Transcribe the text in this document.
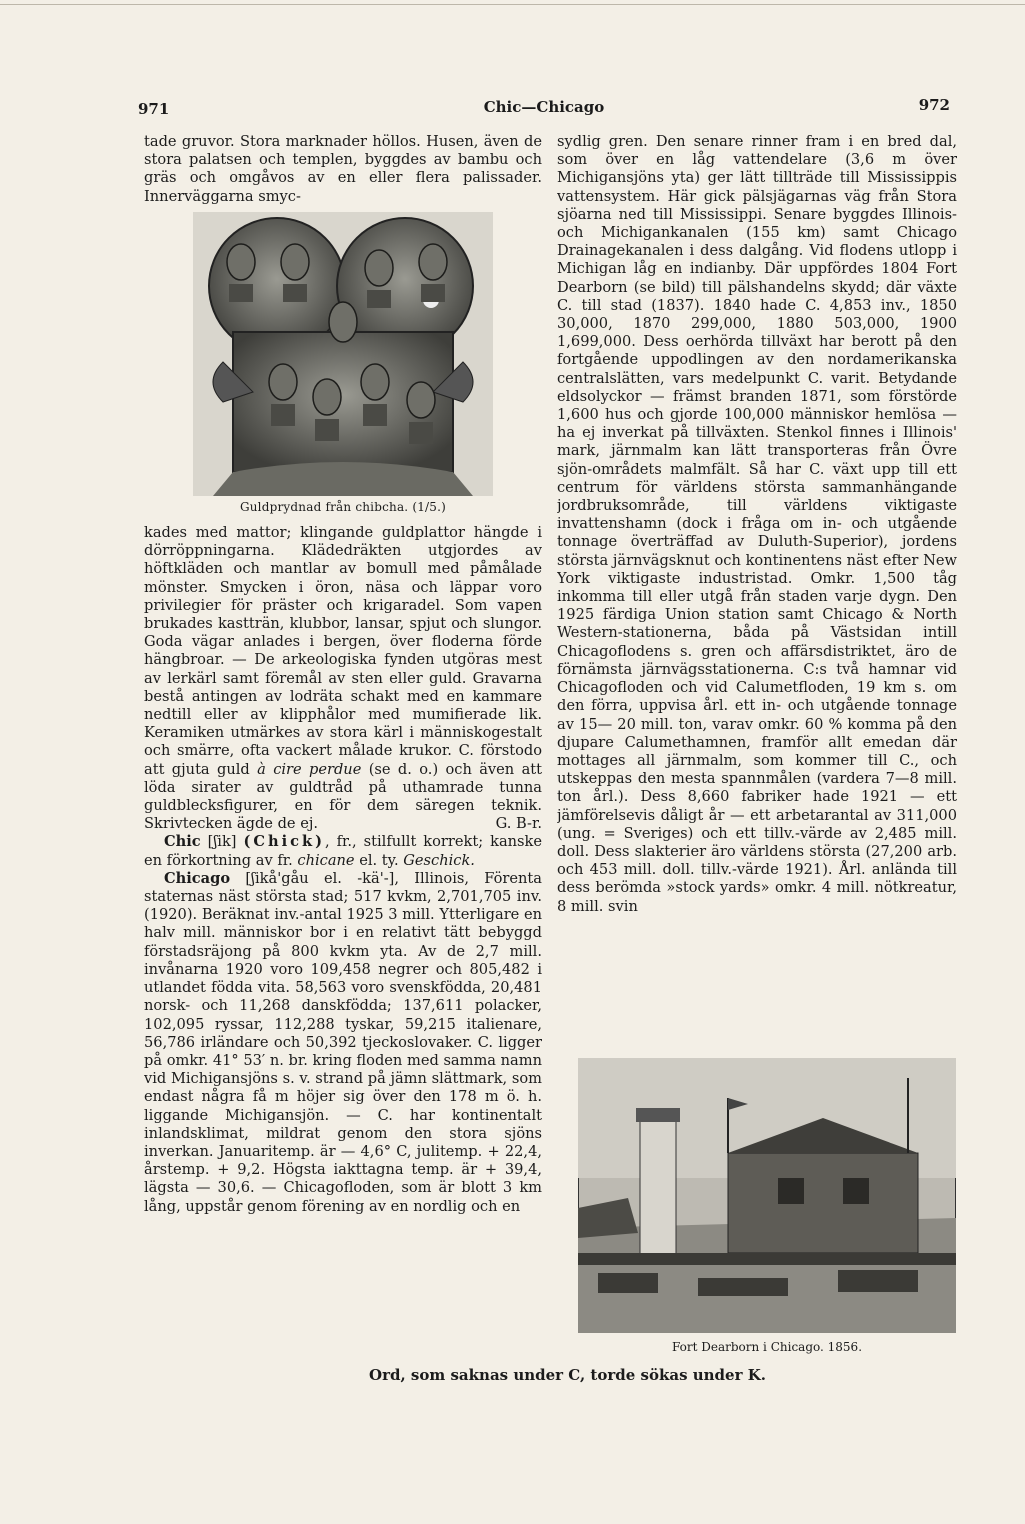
971	Chic—Chicago	972

tade gruvor. Stora marknader höllos. Husen, även de stora palatsen och templen, byggdes av bambu och gräs och omgåvos av en eller flera palissader. Innerväggarna smyc-

Guldprydnad från chibcha. (1/5.)

kades med mattor; klingande guldplattor hängde i dörröppningarna. Klädedräkten utgjordes av höftkläden och mantlar av bomull med påmålade mönster. Smycken i öron, näsa och läppar voro privilegier för präster och krigaradel. Som vapen brukades kastträn, klubbor, lansar, spjut och slungor. Goda vägar anlades i bergen, över floderna förde hängbroar. — De arkeologiska fynden utgöras mest av lerkärl samt föremål av sten eller guld. Gravarna bestå antingen av lodräta schakt med en kammare nedtill eller av klipphålor med mumifierade lik. Keramiken utmärkes av stora kärl i människogestalt och smärre, ofta vackert målade krukor. C. förstodo att gjuta guld à cire perdue (se d. o.) och även att löda sirater av guldtråd på uthamrade tunna guldblecksfigurer, en för dem säregen teknik. Skrivtecken ägde de ej.	G. B-r.

Chic [ʃik] (Chick), fr., stilfullt korrekt; kanske en förkortning av fr. chicane el. ty. Geschick.

Chicago [ʃikå'gåu el. -kä'-], Illinois, Förenta staternas näst största stad; 517 kvkm, 2,701,705 inv. (1920). Beräknat inv.-antal 1925 3 mill. Ytterligare en halv mill. människor bor i en relativt tätt bebyggd förstadsräjong på 800 kvkm yta. Av de 2,7 mill. invånarna 1920 voro 109,458 negrer och 805,482 i utlandet födda vita. 58,563 voro svenskfödda, 20,481 norsk- och 11,268 danskfödda; 137,611 polacker, 102,095 ryssar, 112,288 tyskar, 59,215 italienare, 56,786 irländare och 50,392 tjeckoslovaker. C. ligger på omkr. 41° 53′ n. br. kring floden med samma namn vid Michigansjöns s. v. strand på jämn slättmark, som endast några få m höjer sig över den 178 m ö. h. liggande Michigansjön. — C. har kontinentalt inlandsklimat, mildrat genom den stora sjöns inverkan. Januaritemp. är — 4,6° C, julitemp. + 22,4, årstemp. + 9,2. Högsta iakttagna temp. är + 39,4, lägsta — 30,6. — Chicagofloden, som är blott 3 km lång, uppstår genom förening av en nordlig och en

sydlig gren. Den senare rinner fram i en bred dal, som över en låg vattendelare (3,6 m över Michigansjöns yta) ger lätt tillträde till Mississippis vattensystem. Här gick pälsjägarnas väg från Stora sjöarna ned till Mississippi. Senare byggdes Illinois- och Michigankanalen (155 km) samt Chicago Drainagekanalen i dess dalgång. Vid flodens utlopp i Michigan låg en indianby. Där uppfördes 1804 Fort Dearborn (se bild) till pälshandelns skydd; där växte C. till stad (1837). 1840 hade C. 4,853 inv., 1850 30,000, 1870 299,000, 1880 503,000, 1900 1,699,000. Dess oerhörda tillväxt har berott på den fortgående uppodlingen av den nordamerikanska centralslätten, vars medelpunkt C. varit. Betydande eldsolyckor — främst branden 1871, som förstörde 1,600 hus och gjorde 100,000 människor hemlösa — ha ej inverkat på tillväxten. Stenkol finnes i Illinois' mark, järnmalm kan lätt transporteras från Övre sjön-områdets malmfält. Så har C. växt upp till ett centrum för världens största sammanhängande jordbruksområde, till världens viktigaste invattenshamn (dock i fråga om in- och utgående tonnage överträffad av Duluth-Superior), jordens största järnvägsknut och kontinentens näst efter New York viktigaste industristad. Omkr. 1,500 tåg inkomma till eller utgå från staden varje dygn. Den 1925 färdiga Union station samt Chicago & North Western-stationerna, båda på Västsidan intill Chicagoflodens s. gren och affärsdistriktet, äro de förnämsta järnvägsstationerna. C:s två hamnar vid Chicagofloden och vid Calumetfloden, 19 km s. om den förra, uppvisa årl. ett in- och utgående tonnage av 15— 20 mill. ton, varav omkr. 60 % komma på den djupare Calumethamnen, framför allt emedan där mottages all järnmalm, som kommer till C., och utskeppas den mesta spannmålen (vardera 7—8 mill. ton årl.). Dess 8,660 fabriker hade 1921 — ett jämförelsevis dåligt år — ett arbetarantal av 311,000 (ung. = Sveriges) och ett tillv.-värde av 2,485 mill. doll. Dess slakterier äro världens största (27,200 arb. och 453 mill. doll. tillv.-värde 1921). Årl. anlända till dess berömda »stock yards» omkr. 4 mill. nötkreatur, 8 mill. svin

Fort Dearborn i Chicago. 1856.
Ord, som saknas under C, torde sökas under K.
